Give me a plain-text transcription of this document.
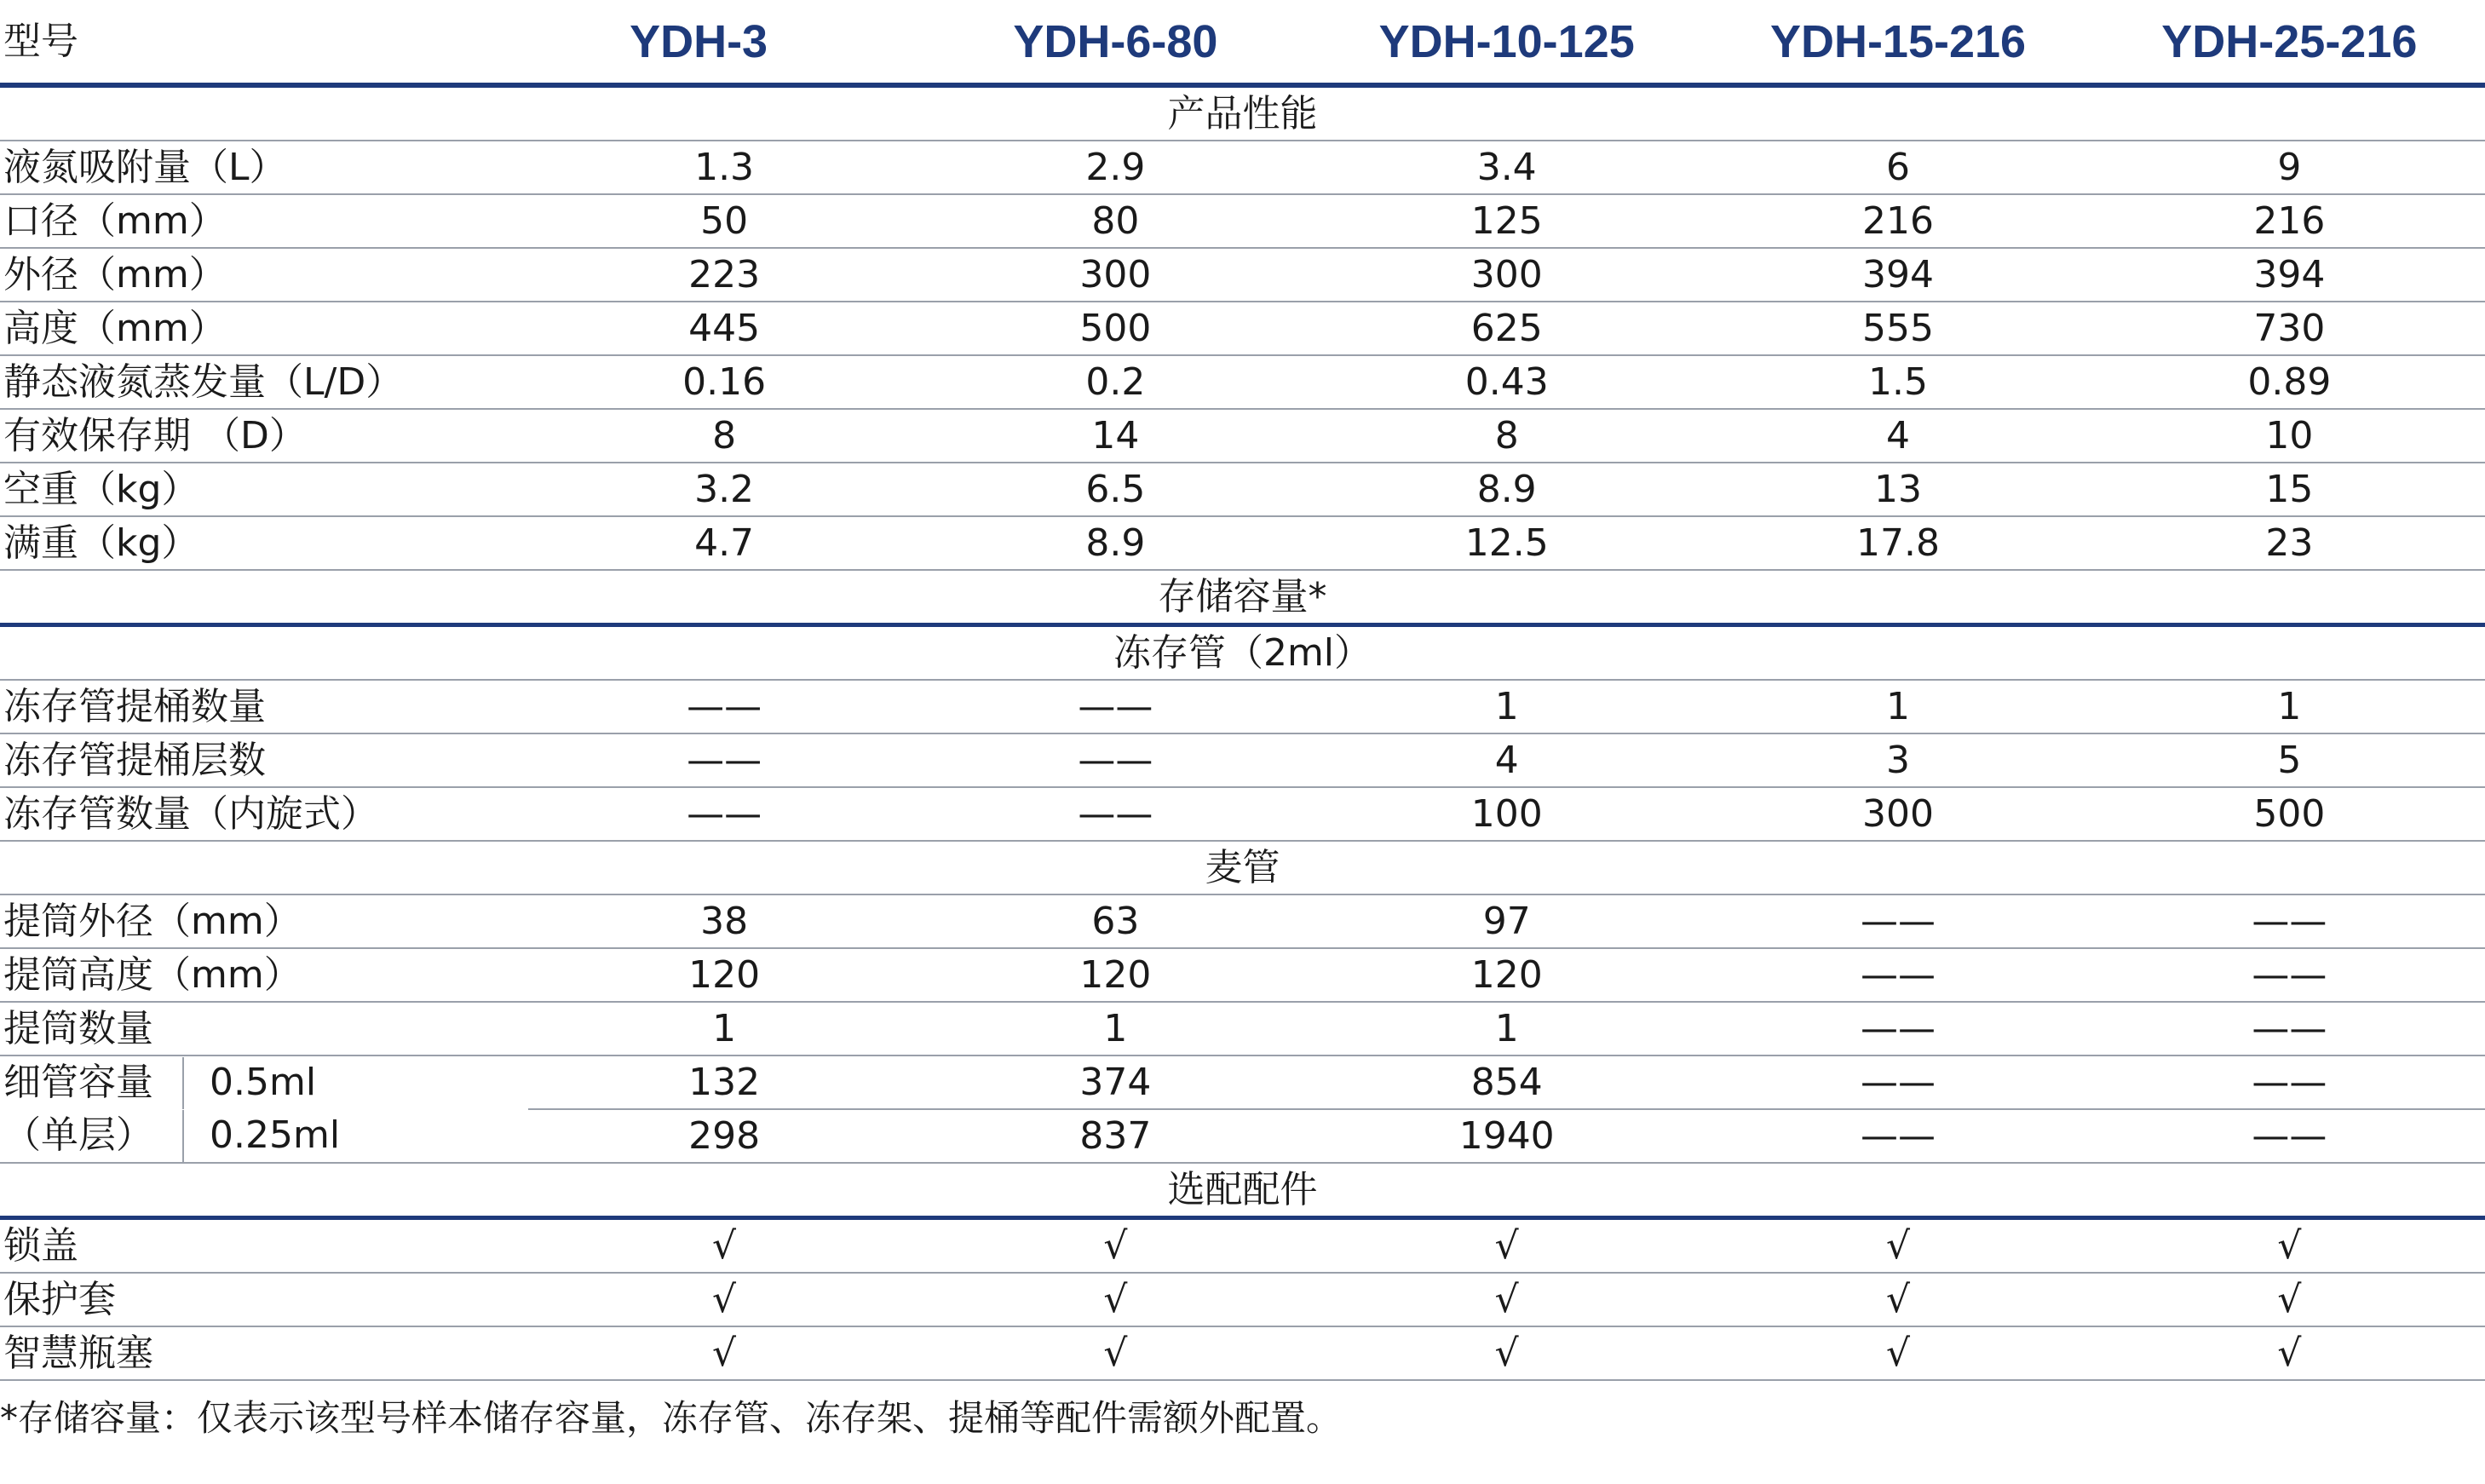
型号	YDH-3	YDH-6-80	YDH-10-125	YDH-15-216	YDH-25-216
产品性能					
液氮吸附量（L）	1.3	2.9	3.4	6	9
口径（mm）	50	80	125	216	216
外径（mm）	223	300	300	394	394
高度（mm）	445	500	625	555	730
静态液氮蒸发量（L/D）	0.16	0.2	0.43	1.5	0.89
有效保存期 （D）	8	14	8	4	10
空重（kg）	3.2	6.5	8.9	13	15
满重（kg）	4.7	8.9	12.5	17.8	23
存储容量*					
冻存管（2ml）					
冻存管提桶数量	——	——	1	1	1
冻存管提桶层数	——	——	4	3	5
冻存管数量（内旋式）	——	——	100	300	500
麦管					
提筒外径（mm）	38	63	97	——	——
提筒高度（mm）	120	120	120	——	——
提筒数量	1	1	1	——	——

细管容量 0.5ml	132	374	854	——	——

（单层） 0.25ml	298	837	1940	——	——
选配配件					
锁盖	√	√	√	√	√
保护套	√	√	√	√	√
智慧瓶塞	√	√	√	√	√
*存储容量：仅表示该型号样本储存容量，冻存管、冻存架、提桶等配件需额外配置。
